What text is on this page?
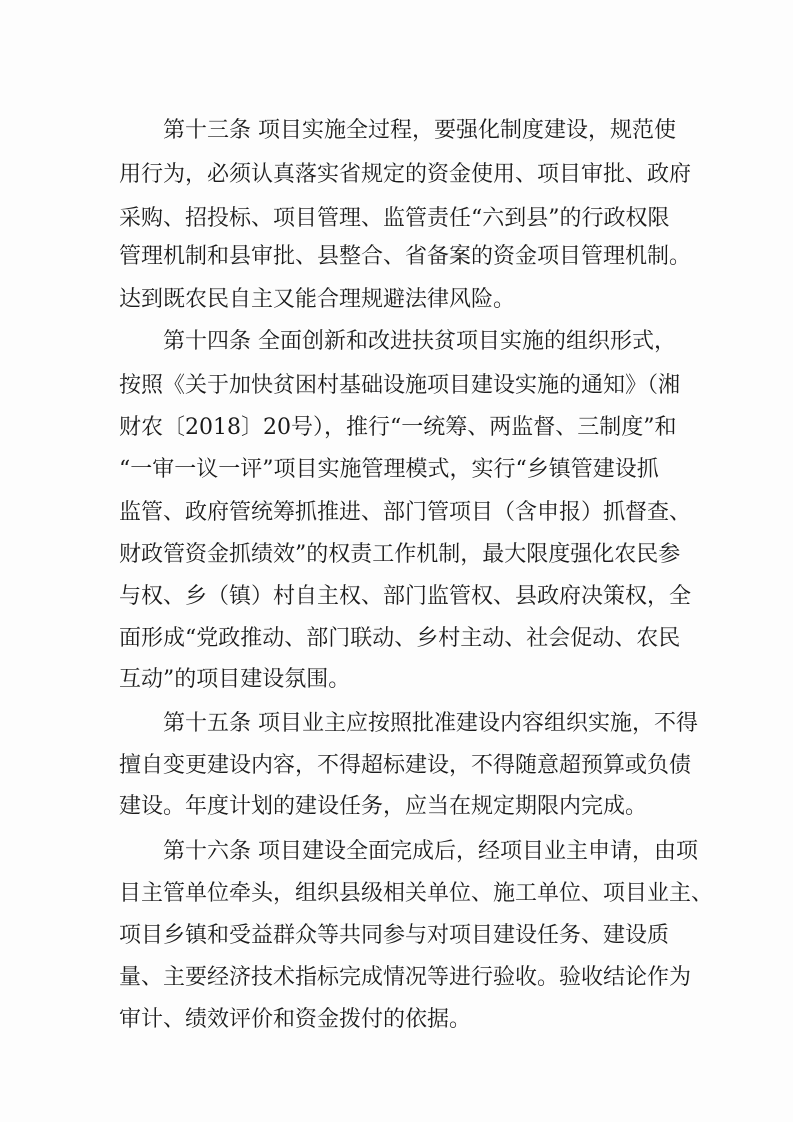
第十三条 项目实施全过程，要强化制度建设，规范使
用行为，必须认真落实省规定的资金使用、项目审批、政府
采购、招投标、项目管理、监管责任“六到县”的行政权限
管理机制和县审批、县整合、省备案的资金项目管理机制。
达到既农民自主又能合理规避法律风险。
第十四条 全面创新和改进扶贫项目实施的组织形式，
按照《关于加快贫困村基础设施项目建设实施的通知》（湘
财农〔2018〕20号），推行“一统筹、两监督、三制度”和
“一审一议一评”项目实施管理模式，实行“乡镇管建设抓
监管、政府管统筹抓推进、部门管项目（含申报）抓督查、
财政管资金抓绩效”的权责工作机制，最大限度强化农民参
与权、乡（镇）村自主权、部门监管权、县政府决策权，全
面形成“党政推动、部门联动、乡村主动、社会促动、农民
互动”的项目建设氛围。
第十五条 项目业主应按照批准建设内容组织实施，不得
擅自变更建设内容，不得超标建设，不得随意超预算或负债
建设。年度计划的建设任务，应当在规定期限内完成。
第十六条 项目建设全面完成后，经项目业主申请，由项
目主管单位牵头，组织县级相关单位、施工单位、项目业主、
项目乡镇和受益群众等共同参与对项目建设任务、建设质
量、主要经济技术指标完成情况等进行验收。验收结论作为
审计、绩效评价和资金拨付的依据。
